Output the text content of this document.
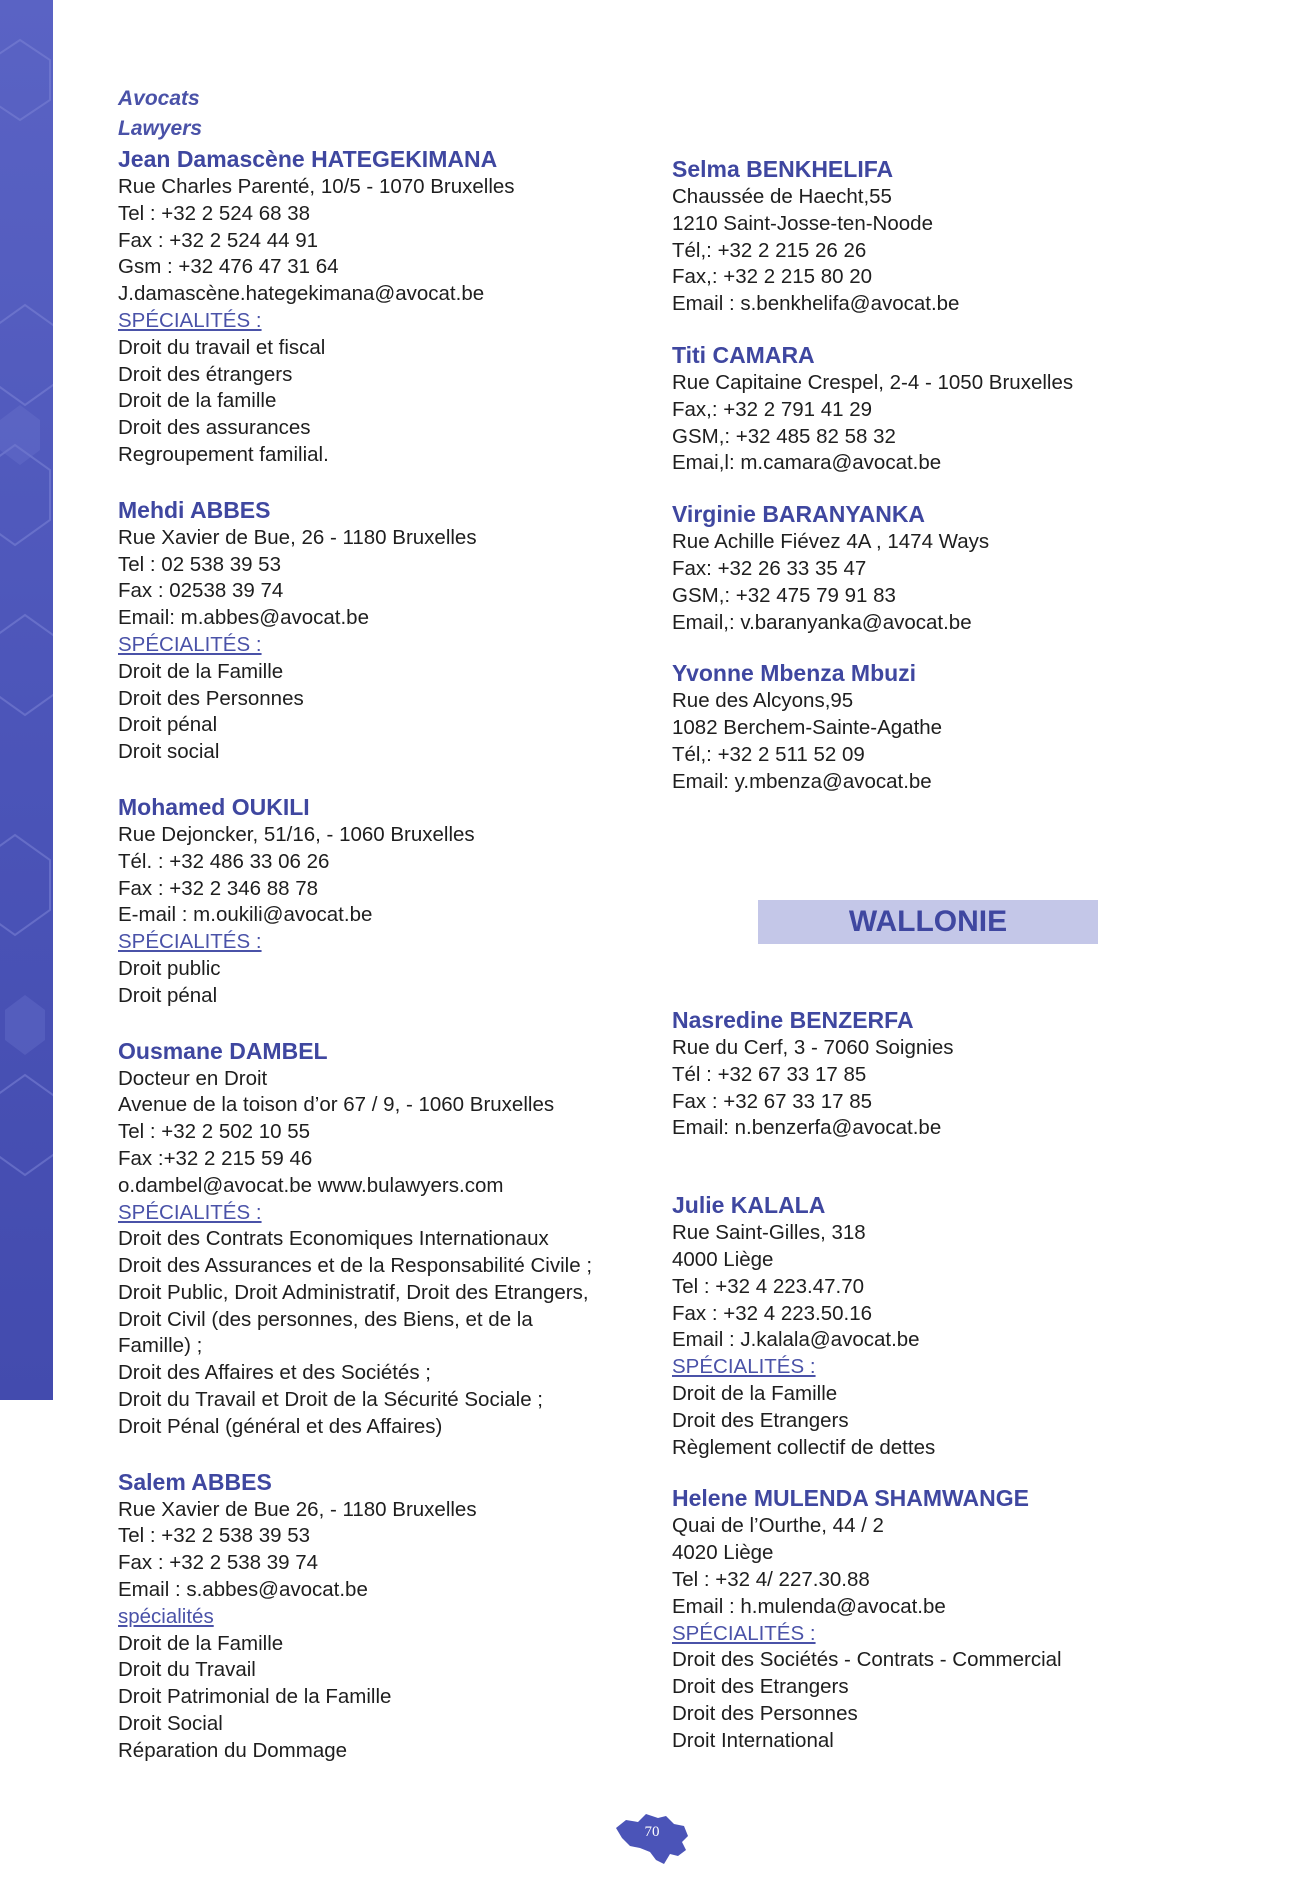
Avocats
Lawyers
Jean Damascène HATEGEKIMANA
Rue Charles Parenté, 10/5 - 1070 Bruxelles
Tel : +32 2 524 68 38
Fax : +32 2 524 44 91
Gsm : +32 476 47 31 64
J.damascène.hategekimana@avocat.be
SPÉCIALITÉS :
Droit du travail et fiscal
Droit des étrangers
Droit de la famille
Droit des assurances
Regroupement familial.
Mehdi ABBES
Rue Xavier de Bue, 26 - 1180 Bruxelles
Tel : 02 538 39 53
Fax : 02538 39 74
Email: m.abbes@avocat.be
SPÉCIALITÉS :
Droit de la Famille
Droit des Personnes
Droit pénal
Droit social
Mohamed OUKILI
Rue Dejoncker, 51/16, - 1060 Bruxelles
Tél. : +32 486 33 06 26
Fax : +32 2 346 88 78
E-mail : m.oukili@avocat.be
SPÉCIALITÉS :
Droit public
Droit pénal
Ousmane DAMBEL
Docteur en Droit
Avenue de la toison d’or 67 / 9, - 1060 Bruxelles
Tel : +32 2 502 10 55
Fax :+32 2 215 59 46
o.dambel@avocat.be www.bulawyers.com
SPÉCIALITÉS :
Droit des Contrats Economiques Internationaux
Droit des Assurances et de la Responsabilité Civile ;
Droit Public, Droit Administratif, Droit des Etrangers,
Droit Civil (des personnes, des Biens, et de la
Famille) ;
Droit des Affaires et des Sociétés ;
Droit du Travail et Droit de la Sécurité Sociale ;
Droit Pénal (général et des Affaires)
Salem ABBES
Rue Xavier de Bue 26, - 1180 Bruxelles
Tel : +32 2 538 39 53
Fax : +32 2 538 39 74
Email : s.abbes@avocat.be
spécialités
Droit de la Famille
Droit du Travail
Droit Patrimonial de la Famille
Droit Social
Réparation du Dommage
Selma BENKHELIFA
Chaussée de Haecht,55
1210 Saint-Josse-ten-Noode
Tél,: +32 2 215 26 26
Fax,: +32 2 215 80 20
Email : s.benkhelifa@avocat.be
Titi CAMARA
Rue Capitaine Crespel, 2-4 - 1050 Bruxelles
Fax,: +32 2 791 41 29
GSM,: +32 485 82 58 32
Emai,l: m.camara@avocat.be
Virginie BARANYANKA
Rue Achille Fiévez 4A , 1474 Ways
Fax: +32 26 33 35 47
GSM,: +32 475 79 91 83
Email,: v.baranyanka@avocat.be
Yvonne Mbenza Mbuzi
Rue des Alcyons,95
1082 Berchem-Sainte-Agathe
Tél,: +32 2 511 52 09
Email: y.mbenza@avocat.be
WALLONIE
Nasredine BENZERFA
Rue du Cerf, 3 - 7060 Soignies
Tél : +32 67 33 17 85
Fax : +32 67 33 17 85
Email: n.benzerfa@avocat.be
Julie KALALA
Rue Saint-Gilles, 318
4000 Liège
Tel : +32 4 223.47.70
Fax : +32 4 223.50.16
Email : J.kalala@avocat.be
SPÉCIALITÉS :
Droit de la Famille
Droit des Etrangers
Règlement collectif de dettes
Helene MULENDA SHAMWANGE
Quai de l’Ourthe, 44 / 2
4020 Liège
Tel : +32 4/ 227.30.88
Email : h.mulenda@avocat.be
SPÉCIALITÉS :
Droit des Sociétés - Contrats - Commercial
Droit des Etrangers
Droit des Personnes
Droit International
70
